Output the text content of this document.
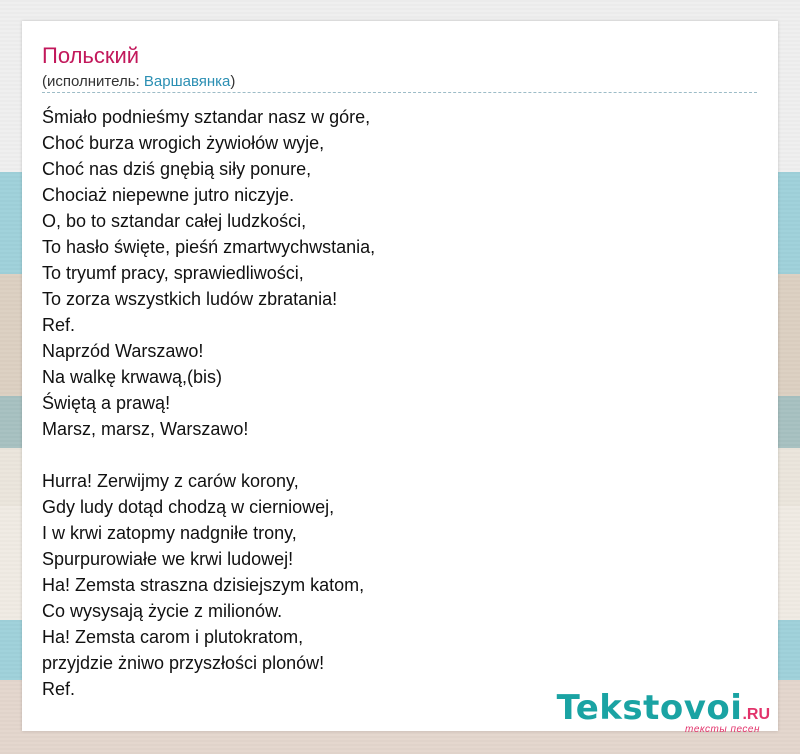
Польский
(исполнитель: Варшавянка)
Śmiało podnieśmy sztandar nasz w góre,
Choć burza wrogich żywiołów wyje,
Choć nas dziś gnębią siły ponure,
Chociaż niepewne jutro niczyje.
O, bo to sztandar całej ludzkości,
To hasło święte, pieśń zmartwychwstania,
To tryumf pracy, sprawiedliwości,
To zorza wszystkich ludów zbratania!
Ref.
Naprzód Warszawo!
Na walkę krwawą,(bis)
Świętą a prawą!
Marsz, marsz, Warszawo!
Hurra! Zerwijmy z carów korony,
Gdy ludy dotąd chodzą w cierniowej,
I w krwi zatopmy nadgniłe trony,
Spurpurowiałe we krwi ludowej!
Ha! Zemsta straszna dzisiejszym katom,
Co wysysają życie z milionów.
Ha! Zemsta carom i plutokratom,
przyjdzie żniwo przyszłości plonów!
Ref.	Tekstovoi.RU
тексты песен
